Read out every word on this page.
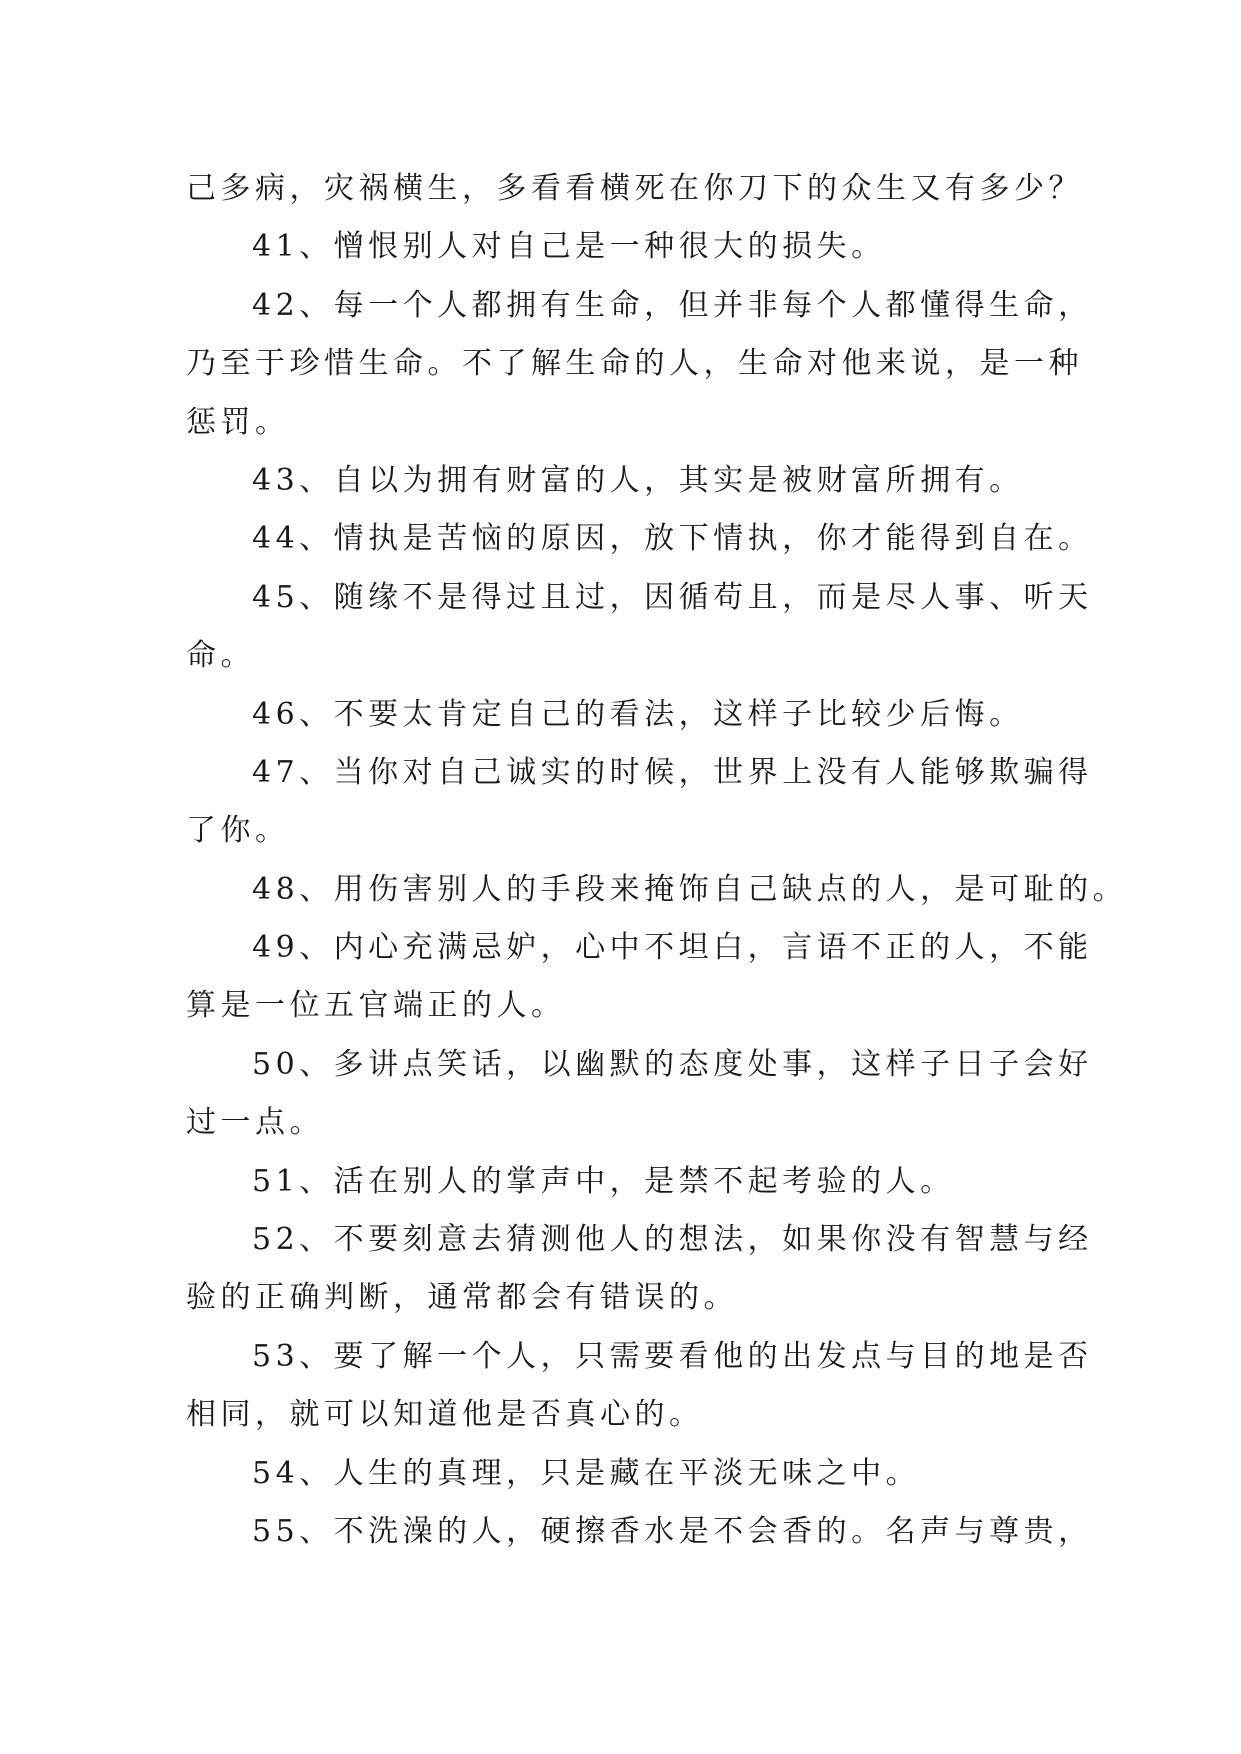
己多病，灾祸横生，多看看横死在你刀下的众生又有多少？
41、憎恨别人对自己是一种很大的损失。
42、每一个人都拥有生命，但并非每个人都懂得生命，
乃至于珍惜生命。不了解生命的人，生命对他来说，是一种
惩罚。
43、自以为拥有财富的人，其实是被财富所拥有。
44、情执是苦恼的原因，放下情执，你才能得到自在。
45、随缘不是得过且过，因循苟且，而是尽人事、听天
命。
46、不要太肯定自己的看法，这样子比较少后悔。
47、当你对自己诚实的时候，世界上没有人能够欺骗得
了你。
48、用伤害别人的手段来掩饰自己缺点的人，是可耻的。
49、内心充满忌妒，心中不坦白，言语不正的人，不能
算是一位五官端正的人。
50、多讲点笑话，以幽默的态度处事，这样子日子会好
过一点。
51、活在别人的掌声中，是禁不起考验的人。
52、不要刻意去猜测他人的想法，如果你没有智慧与经
验的正确判断，通常都会有错误的。
53、要了解一个人，只需要看他的出发点与目的地是否
相同，就可以知道他是否真心的。
54、人生的真理，只是藏在平淡无味之中。
55、不洗澡的人，硬擦香水是不会香的。名声与尊贵，
